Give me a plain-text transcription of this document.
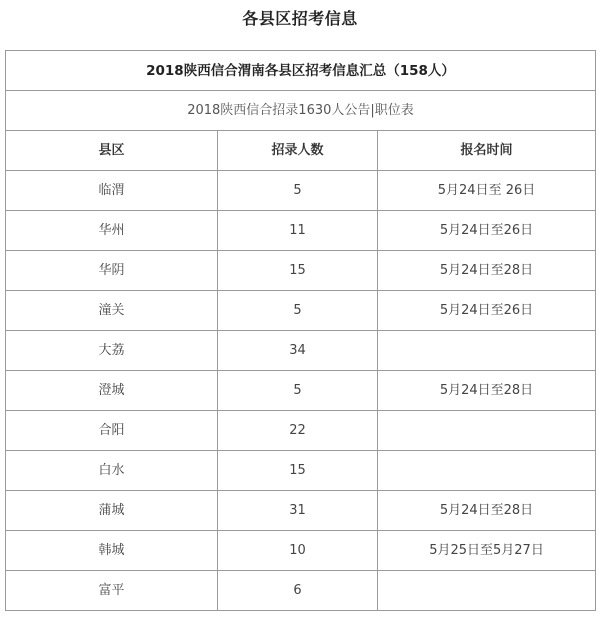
各县区招考信息
2018陕西信合渭南各县区招考信息汇总（158人）		
2018陕西信合招录1630人公告|职位表		
县区	招录人数	报名时间
临渭	5	5月24日至 26日
华州	11	5月24日至26日
华阴	15	5月24日至28日
潼关	5	5月24日至26日
大荔	34	
澄城	5	5月24日至28日
合阳	22	
白水	15	
蒲城	31	5月24日至28日
韩城	10	5月25日至5月27日
富平	6	
